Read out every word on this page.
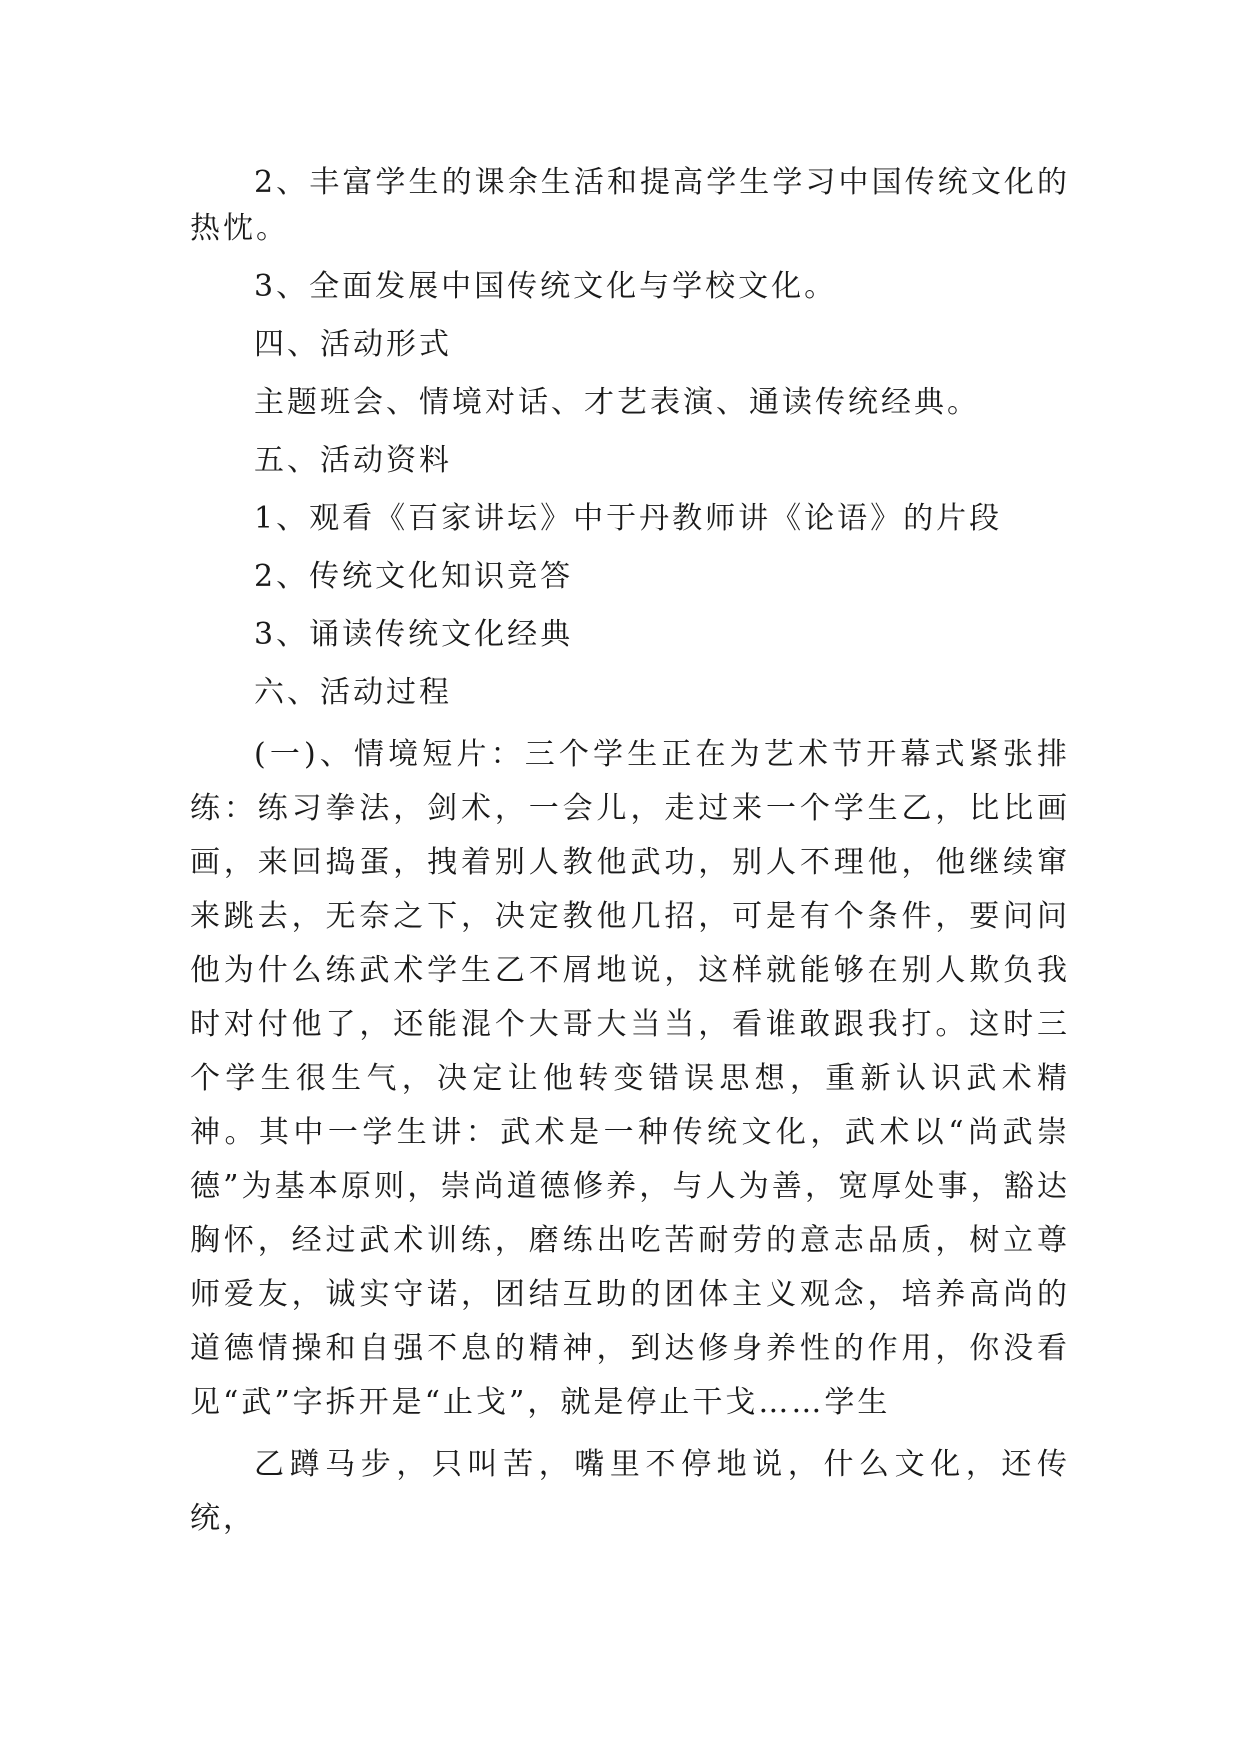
2、丰富学生的课余生活和提高学生学习中国传统文化的热忱。

3、全面发展中国传统文化与学校文化。

四、活动形式

主题班会、情境对话、才艺表演、通读传统经典。

五、活动资料

1、观看《百家讲坛》中于丹教师讲《论语》的片段

2、传统文化知识竞答

3、诵读传统文化经典

六、活动过程

(一)、情境短片：三个学生正在为艺术节开幕式紧张排练：练习拳法，剑术，一会儿，走过来一个学生乙，比比画画，来回捣蛋，拽着别人教他武功，别人不理他，他继续窜来跳去，无奈之下，决定教他几招，可是有个条件，要问问他为什么练武术学生乙不屑地说，这样就能够在别人欺负我时对付他了，还能混个大哥大当当，看谁敢跟我打。这时三个学生很生气，决定让他转变错误思想，重新认识武术精神。其中一学生讲：武术是一种传统文化，武术以“尚武崇德”为基本原则，崇尚道德修养，与人为善，宽厚处事，豁达胸怀，经过武术训练，磨练出吃苦耐劳的意志品质，树立尊师爱友，诚实守诺，团结互助的团体主义观念，培养高尚的道德情操和自强不息的精神，到达修身养性的作用，你没看见“武”字拆开是“止戈”，就是停止干戈……学生

乙蹲马步，只叫苦，嘴里不停地说，什么文化，还传统，
